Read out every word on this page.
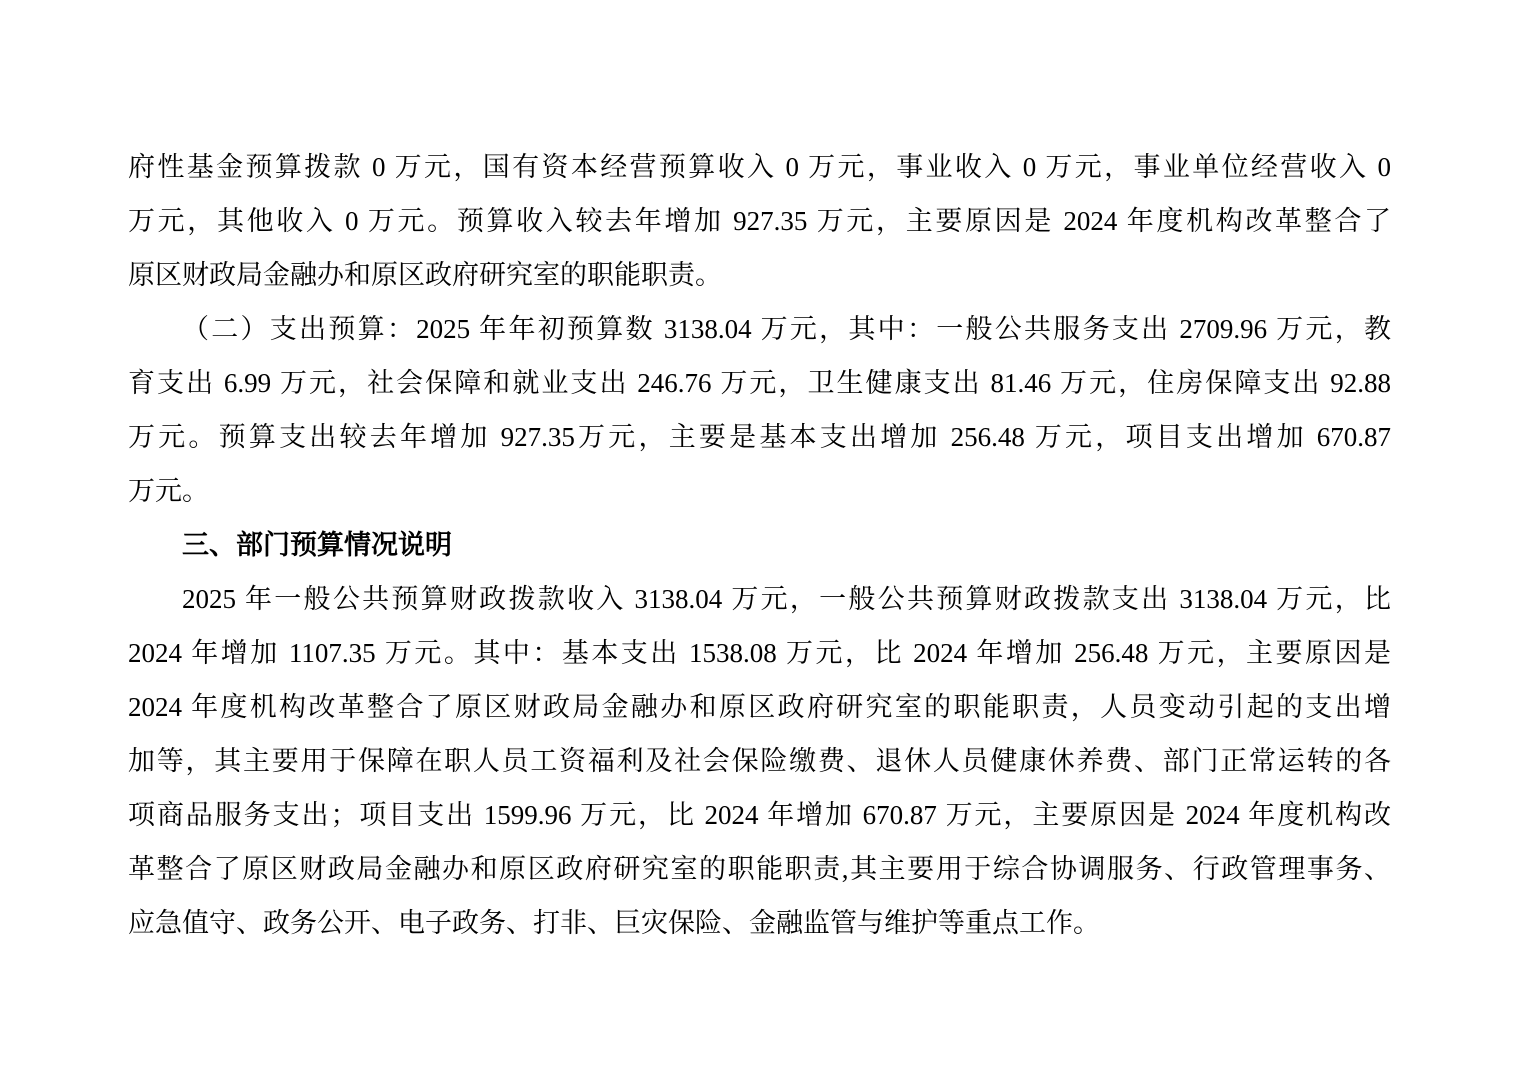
府性基金预算拨款 0 万元，国有资本经营预算收入 0 万元，事业收入 0 万元，事业单位经营收入 0
万元，其他收入 0 万元。预算收入较去年增加 927.35 万元，主要原因是 2024 年度机构改革整合了
原区财政局金融办和原区政府研究室的职能职责。
（二）支出预算：2025 年年初预算数 3138.04 万元，其中：一般公共服务支出 2709.96 万元，教
育支出 6.99 万元，社会保障和就业支出 246.76 万元，卫生健康支出 81.46 万元，住房保障支出 92.88
万元。预算支出较去年增加 927.35万元，主要是基本支出增加 256.48 万元，项目支出增加 670.87
万元。
三、部门预算情况说明
2025 年一般公共预算财政拨款收入 3138.04 万元，一般公共预算财政拨款支出 3138.04 万元，比
2024 年增加 1107.35 万元。其中：基本支出 1538.08 万元，比 2024 年增加 256.48 万元，主要原因是
2024 年度机构改革整合了原区财政局金融办和原区政府研究室的职能职责，人员变动引起的支出增
加等，其主要用于保障在职人员工资福利及社会保险缴费、退休人员健康休养费、部门正常运转的各
项商品服务支出；项目支出 1599.96 万元，比 2024 年增加 670.87 万元，主要原因是 2024 年度机构改
革整合了原区财政局金融办和原区政府研究室的职能职责,其主要用于综合协调服务、行政管理事务、
应急值守、政务公开、电子政务、打非、巨灾保险、金融监管与维护等重点工作。
